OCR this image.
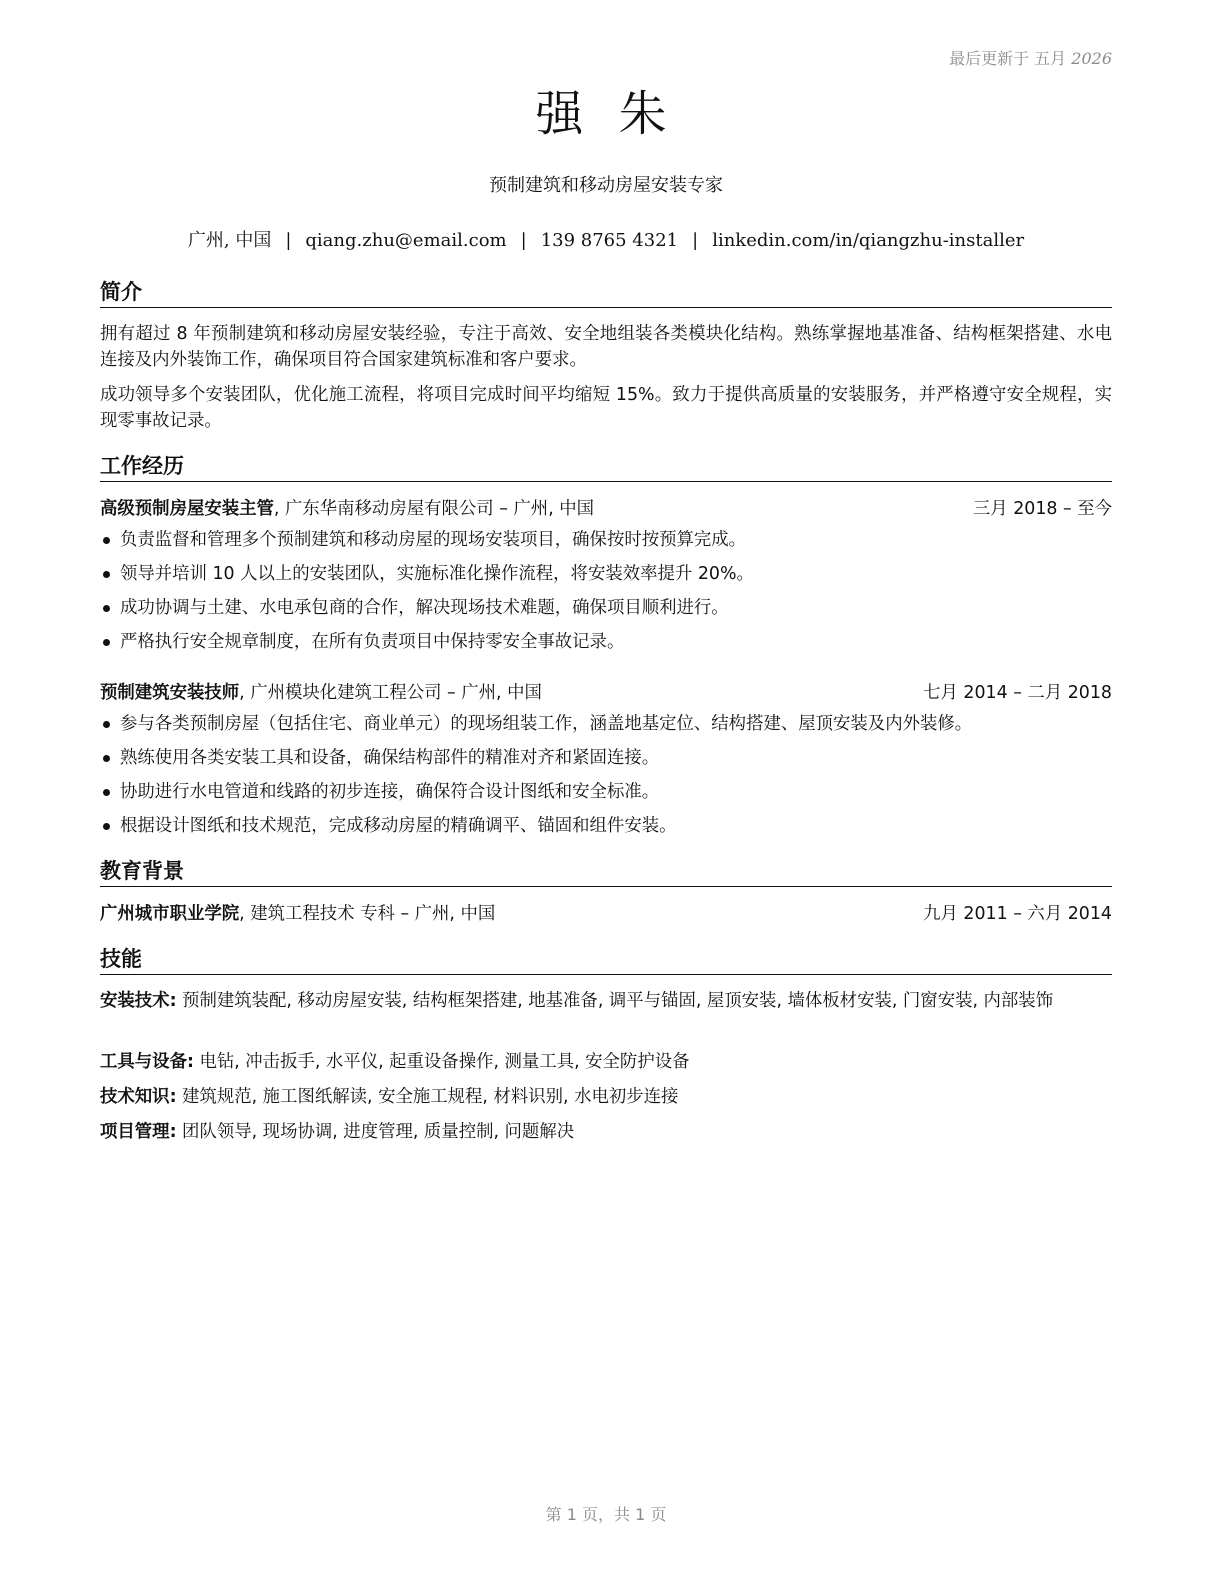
最后更新于 五月 2026
强 朱
预制建筑和移动房屋安装专家
广州, 中国 | qiang.zhu@email.com | 139 8765 4321 | linkedin.com/in/qiangzhu-installer
简介
拥有超过 8 年预制建筑和移动房屋安装经验，专注于高效、安全地组装各类模块化结构。熟练掌握地基准备、结构框架搭建、水电连接及内外装饰工作，确保项目符合国家建筑标准和客户要求。
成功领导多个安装团队，优化施工流程，将项目完成时间平均缩短 15%。致力于提供高质量的安装服务，并严格遵守安全规程，实现零事故记录。
工作经历
高级预制房屋安装主管, 广东华南移动房屋有限公司 – 广州, 中国	三月 2018 – 至今
负责监督和管理多个预制建筑和移动房屋的现场安装项目，确保按时按预算完成。
领导并培训 10 人以上的安装团队，实施标准化操作流程，将安装效率提升 20%。
成功协调与土建、水电承包商的合作，解决现场技术难题，确保项目顺利进行。
严格执行安全规章制度，在所有负责项目中保持零安全事故记录。
预制建筑安装技师, 广州模块化建筑工程公司 – 广州, 中国	七月 2014 – 二月 2018
参与各类预制房屋（包括住宅、商业单元）的现场组装工作，涵盖地基定位、结构搭建、屋顶安装及内外装修。
熟练使用各类安装工具和设备，确保结构部件的精准对齐和紧固连接。
协助进行水电管道和线路的初步连接，确保符合设计图纸和安全标准。
根据设计图纸和技术规范，完成移动房屋的精确调平、锚固和组件安装。
教育背景
广州城市职业学院, 建筑工程技术 专科 – 广州, 中国	九月 2011 – 六月 2014
技能
安装技术: 预制建筑装配, 移动房屋安装, 结构框架搭建, 地基准备, 调平与锚固, 屋顶安装, 墙体板材安装, 门窗安装, 内部装饰
工具与设备: 电钻, 冲击扳手, 水平仪, 起重设备操作, 测量工具, 安全防护设备
技术知识: 建筑规范, 施工图纸解读, 安全施工规程, 材料识别, 水电初步连接
项目管理: 团队领导, 现场协调, 进度管理, 质量控制, 问题解决
第 1 页，共 1 页
